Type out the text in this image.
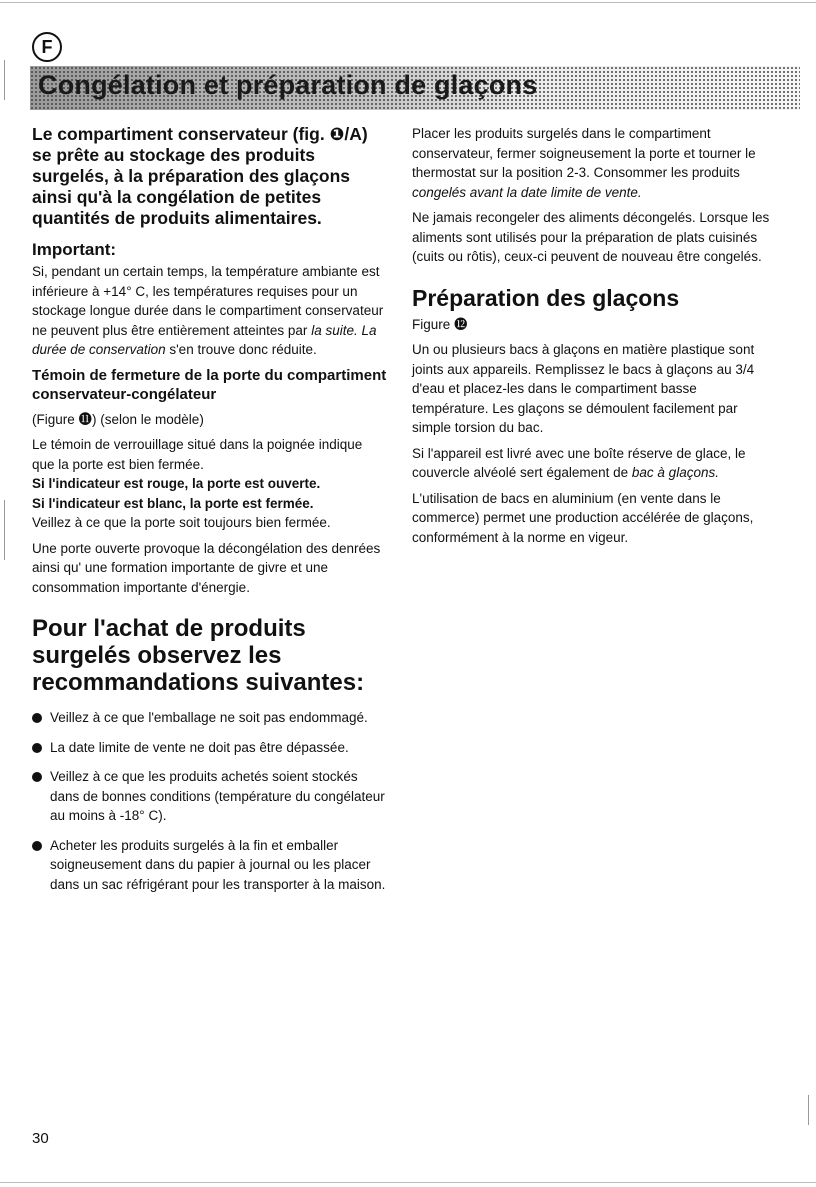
F
Congélation et préparation de glaçons
Le compartiment conservateur (fig. ❶/A) se prête au stockage des produits surgelés, à la préparation des glaçons ainsi qu'à la congélation de petites quantités de produits alimentaires.
Important:

Si, pendant un certain temps, la température ambiante est inférieure à +14° C, les températures requises pour un stockage longue durée dans le compartiment conservateur ne peuvent plus être entièrement atteintes par la suite. La durée de conservation s'en trouve donc réduite.

Témoin de fermeture de la porte du compartiment conservateur-congélateur

(Figure ⓫) (selon le modèle)

Le témoin de verrouillage situé dans la poignée indique que la porte est bien fermée.
Si l'indicateur est rouge, la porte est ouverte.
Si l'indicateur est blanc, la porte est fermée.
Veillez à ce que la porte soit toujours bien fermée.

Une porte ouverte provoque la décongélation des denrées ainsi qu' une formation importante de givre et une consommation importante d'énergie.

Pour l'achat de produits surgelés observez les recommandations suivantes:
Veillez à ce que l'emballage ne soit pas endommagé.
La date limite de vente ne doit pas être dépassée.
Veillez à ce que les produits achetés soient stockés dans de bonnes conditions (température du congélateur au moins à -18° C).
Acheter les produits surgelés à la fin et emballer soigneusement dans du papier à journal ou les placer dans un sac réfrigérant pour les transporter à la maison.

Placer les produits surgelés dans le compartiment conservateur, fermer soigneusement la porte et tourner le thermostat sur la position 2-3. Consommer les produits congelés avant la date limite de vente.

Ne jamais recongeler des aliments décongelés. Lorsque les aliments sont utilisés pour la préparation de plats cuisinés (cuits ou rôtis), ceux-ci peuvent de nouveau être congelés.

Préparation des glaçons

Figure ⓬

Un ou plusieurs bacs à glaçons en matière plastique sont joints aux appareils. Remplissez le bacs à glaçons au 3/4 d'eau et placez-les dans le compartiment basse température. Les glaçons se démoulent facilement par simple torsion du bac.

Si l'appareil est livré avec une boîte réserve de glace, le couvercle alvéolé sert également de bac à glaçons.

L'utilisation de bacs en aluminium (en vente dans le commerce) permet une production accélérée de glaçons, conformément à la norme en vigeur.

30
